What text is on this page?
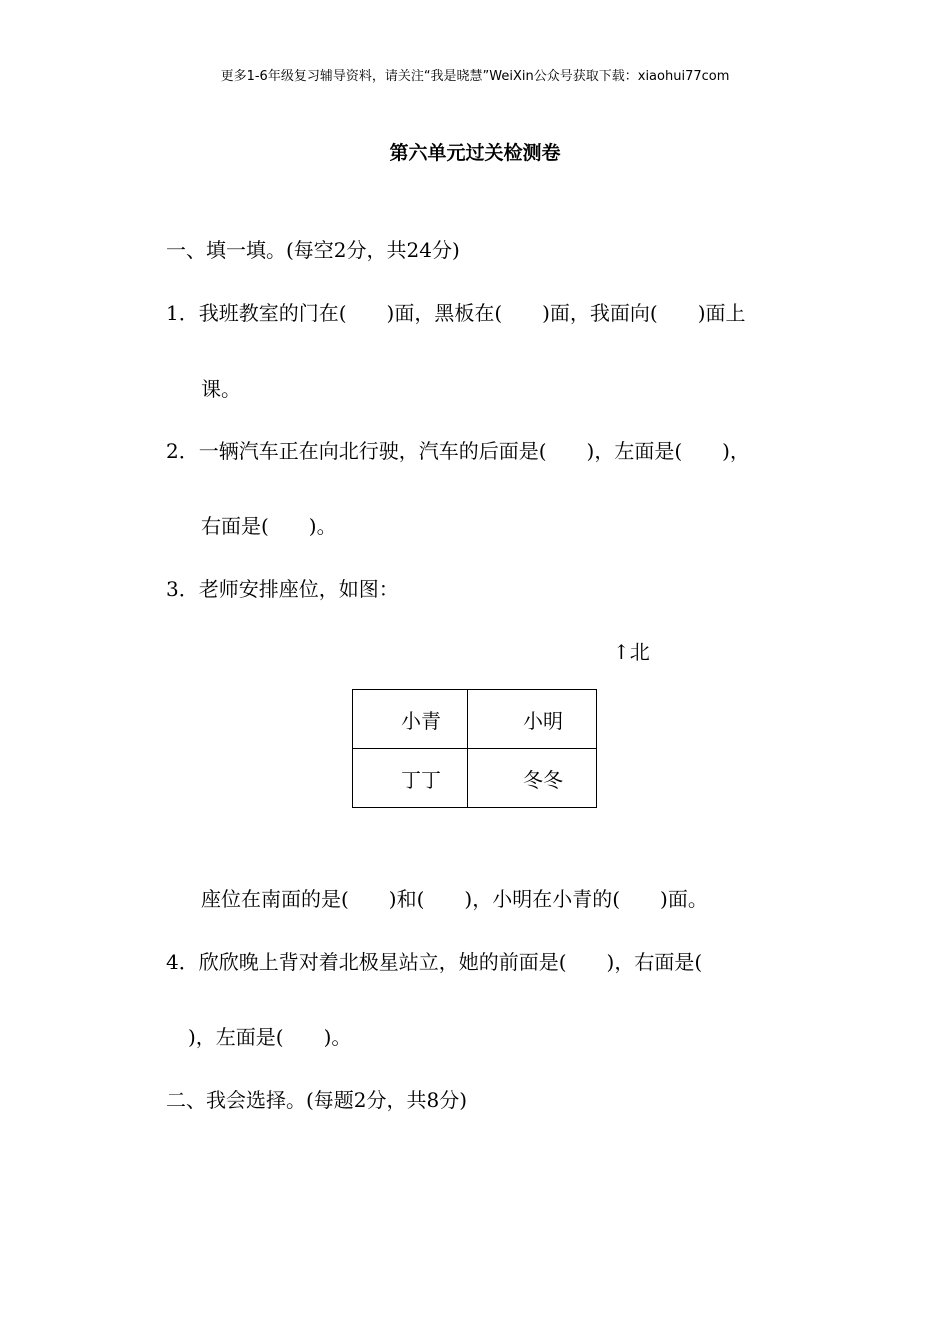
更多1-6年级复习辅导资料，请关注“我是晓慧”WeiXin公众号获取下载：xiaohui77com
第六单元过关检测卷
一、填一填。(每空2分，共24分)
1．我班教室的门在(　　)面，黑板在(　　)面，我面向(　　)面上
课。
2．一辆汽车正在向北行驶，汽车的后面是(　　)，左面是(　　)，
右面是(　　)。
3．老师安排座位，如图：
↑北
小青	小明
丁丁	冬冬
座位在南面的是(　　)和(　　)，小明在小青的(　　)面。
4．欣欣晚上背对着北极星站立，她的前面是(　　)，右面是(
)，左面是(　　)。
二、我会选择。(每题2分，共8分)
